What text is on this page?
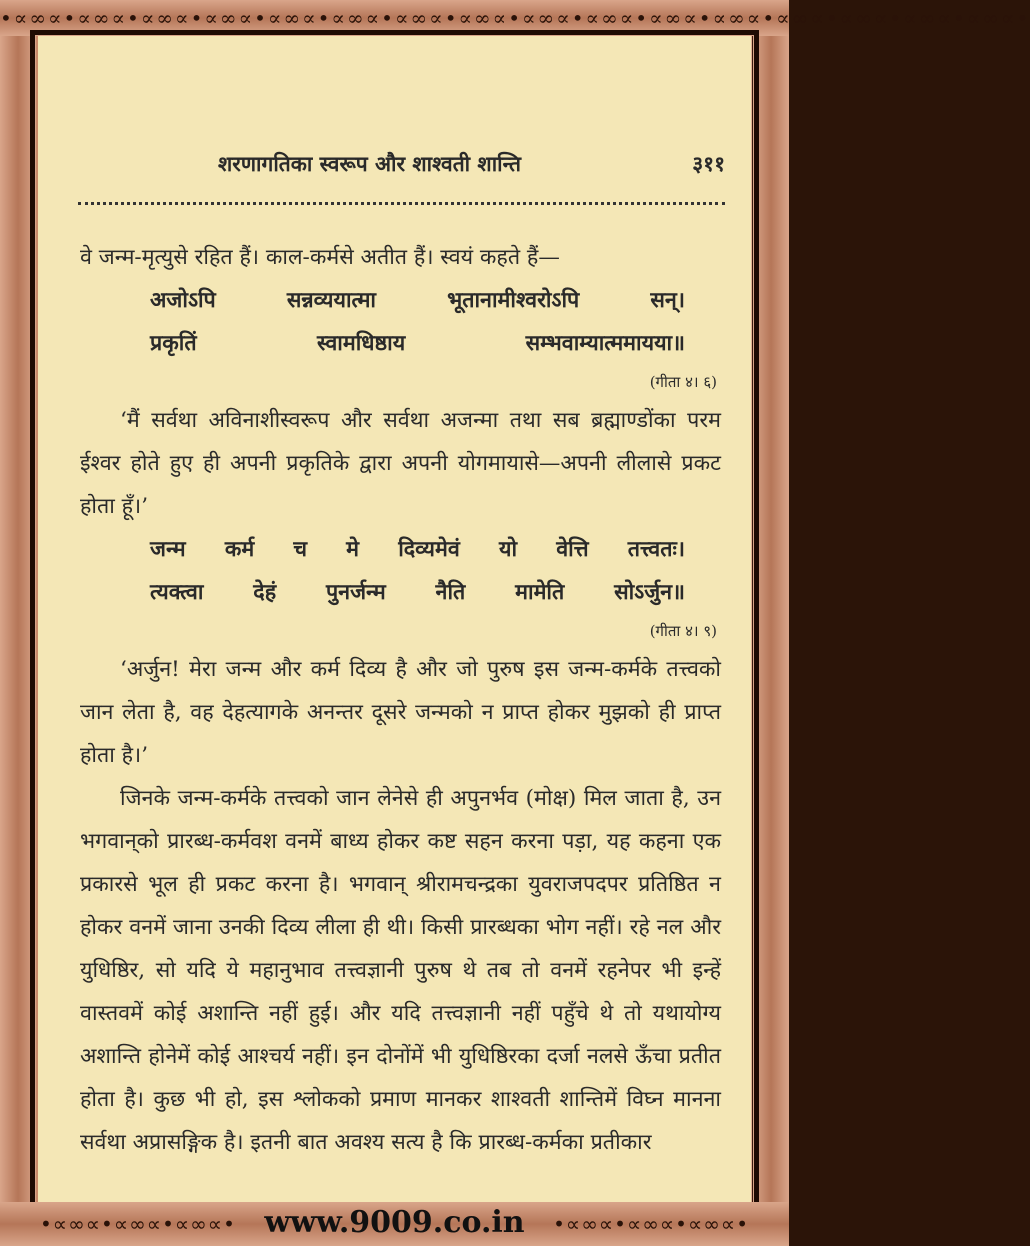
•∝∞∝•∝∞∝•∝∞∝•∝∞∝•∝∞∝•∝∞∝•∝∞∝•∝∞∝•∝∞∝•∝∞∝•∝∞∝•∝∞∝•∝∞∝•∝∞∝•∝∞∝•∝∞∝•
शरणागतिका स्वरूप और शाश्वती शान्ति	३११

वे जन्म-मृत्युसे रहित हैं। काल-कर्मसे अतीत हैं। स्वयं कहते हैं—

अजोऽपि सन्नव्ययात्मा भूतानामीश्वरोऽपि सन्।
प्रकृतिं स्वामधिष्ठाय सम्भवाम्यात्ममायया॥
(गीता ४। ६)

‘मैं सर्वथा अविनाशीस्वरूप और सर्वथा अजन्मा तथा सब ब्रह्माण्डोंका परम ईश्वर होते हुए ही अपनी प्रकृतिके द्वारा अपनी योगमायासे—अपनी लीलासे प्रकट होता हूँ।’

जन्म कर्म च मे दिव्यमेवं यो वेत्ति तत्त्वतः।
त्यक्त्वा देहं पुनर्जन्म नैति मामेति सोऽर्जुन॥
(गीता ४। ९)

‘अर्जुन! मेरा जन्म और कर्म दिव्य है और जो पुरुष इस जन्म-कर्मके तत्त्वको जान लेता है, वह देहत्यागके अनन्तर दूसरे जन्मको न प्राप्त होकर मुझको ही प्राप्त होता है।’

जिनके जन्म-कर्मके तत्त्वको जान लेनेसे ही अपुनर्भव (मोक्ष) मिल जाता है, उन भगवान्‌को प्रारब्ध-कर्मवश वनमें बाध्य होकर कष्ट सहन करना पड़ा, यह कहना एक प्रकारसे भूल ही प्रकट करना है। भगवान् श्रीरामचन्द्रका युवराजपदपर प्रतिष्ठित न होकर वनमें जाना उनकी दिव्य लीला ही थी। किसी प्रारब्धका भोग नहीं। रहे नल और युधिष्ठिर, सो यदि ये महानुभाव तत्त्वज्ञानी पुरुष थे तब तो वनमें रहनेपर भी इन्हें वास्तवमें कोई अशान्ति नहीं हुई। और यदि तत्त्वज्ञानी नहीं पहुँचे थे तो यथायोग्य अशान्ति होनेमें कोई आश्चर्य नहीं। इन दोनोंमें भी युधिष्ठिरका दर्जा नलसे ऊँचा प्रतीत होता है। कुछ भी हो, इस श्लोकको प्रमाण मानकर शाश्वती शान्तिमें विघ्न मानना सर्वथा अप्रासङ्गिक है। इतनी बात अवश्य सत्य है कि प्रारब्ध-कर्मका प्रतीकार

•∝∞∝•∝∞∝•∝∞∝•	•∝∞∝•∝∞∝•∝∞∝•
www.9009.co.in
